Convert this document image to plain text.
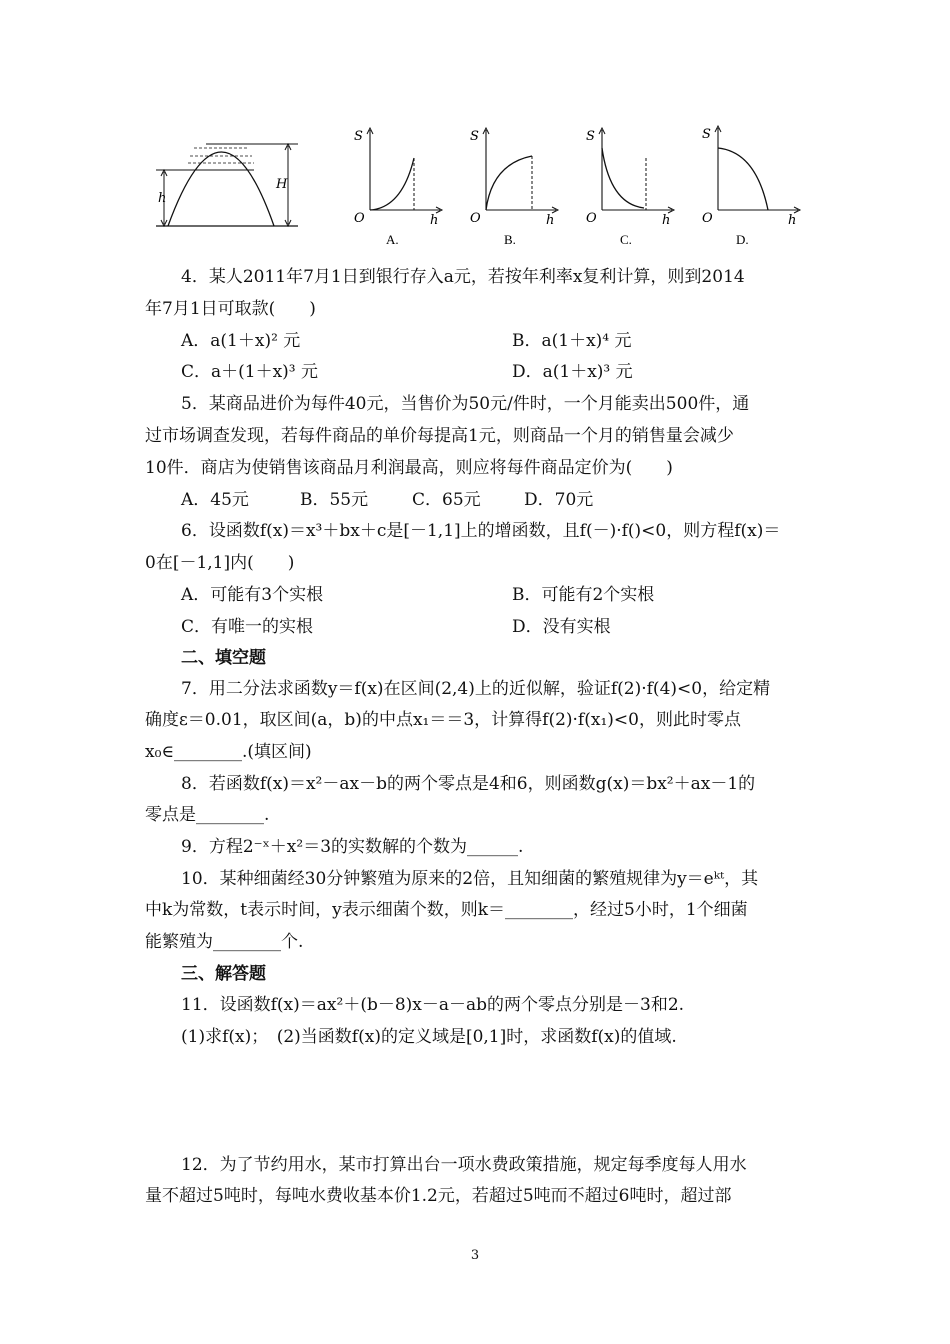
h
H
S
O	h
A.
S
O	h
B.
S
O	h
C.
S
O	h
D.
4．某人2011年7月1日到银行存入a元，若按年利率x复利计算，则到2014
年7月1日可取款(　　)
A．a(1＋x)² 元	B．a(1＋x)⁴ 元
C．a＋(1＋x)³ 元	D．a(1＋x)³ 元
5．某商品进价为每件40元，当售价为50元/件时，一个月能卖出500件，通
过市场调查发现，若每件商品的单价每提高1元，则商品一个月的销售量会减少
10件．商店为使销售该商品月利润最高，则应将每件商品定价为(　　)
A．45元	B．55元	C．65元	D．70元
6．设函数f(x)＝x³＋bx＋c是[－1,1]上的增函数，且f(－)·f()<0，则方程f(x)＝
0在[－1,1]内(　　)
A．可能有3个实根	B．可能有2个实根
C．有唯一的实根	D．没有实根
二、填空题
7．用二分法求函数y＝f(x)在区间(2,4)上的近似解，验证f(2)·f(4)<0，给定精
确度ε＝0.01，取区间(a，b)的中点x₁＝＝3，计算得f(2)·f(x₁)<0，则此时零点
x₀∈________.(填区间)
8．若函数f(x)＝x²－ax－b的两个零点是4和6，则函数g(x)＝bx²＋ax－1的
零点是________.
9．方程2⁻ˣ＋x²＝3的实数解的个数为______.
10．某种细菌经30分钟繁殖为原来的2倍，且知细菌的繁殖规律为y＝eᵏᵗ，其
中k为常数，t表示时间，y表示细菌个数，则k＝________，经过5小时，1个细菌
能繁殖为________个.
三、解答题
11．设函数f(x)＝ax²＋(b－8)x－a－ab的两个零点分别是－3和2.
(1)求f(x)；　(2)当函数f(x)的定义域是[0,1]时，求函数f(x)的值域.
12．为了节约用水，某市打算出台一项水费政策措施，规定每季度每人用水
量不超过5吨时，每吨水费收基本价1.2元，若超过5吨而不超过6吨时，超过部
3
